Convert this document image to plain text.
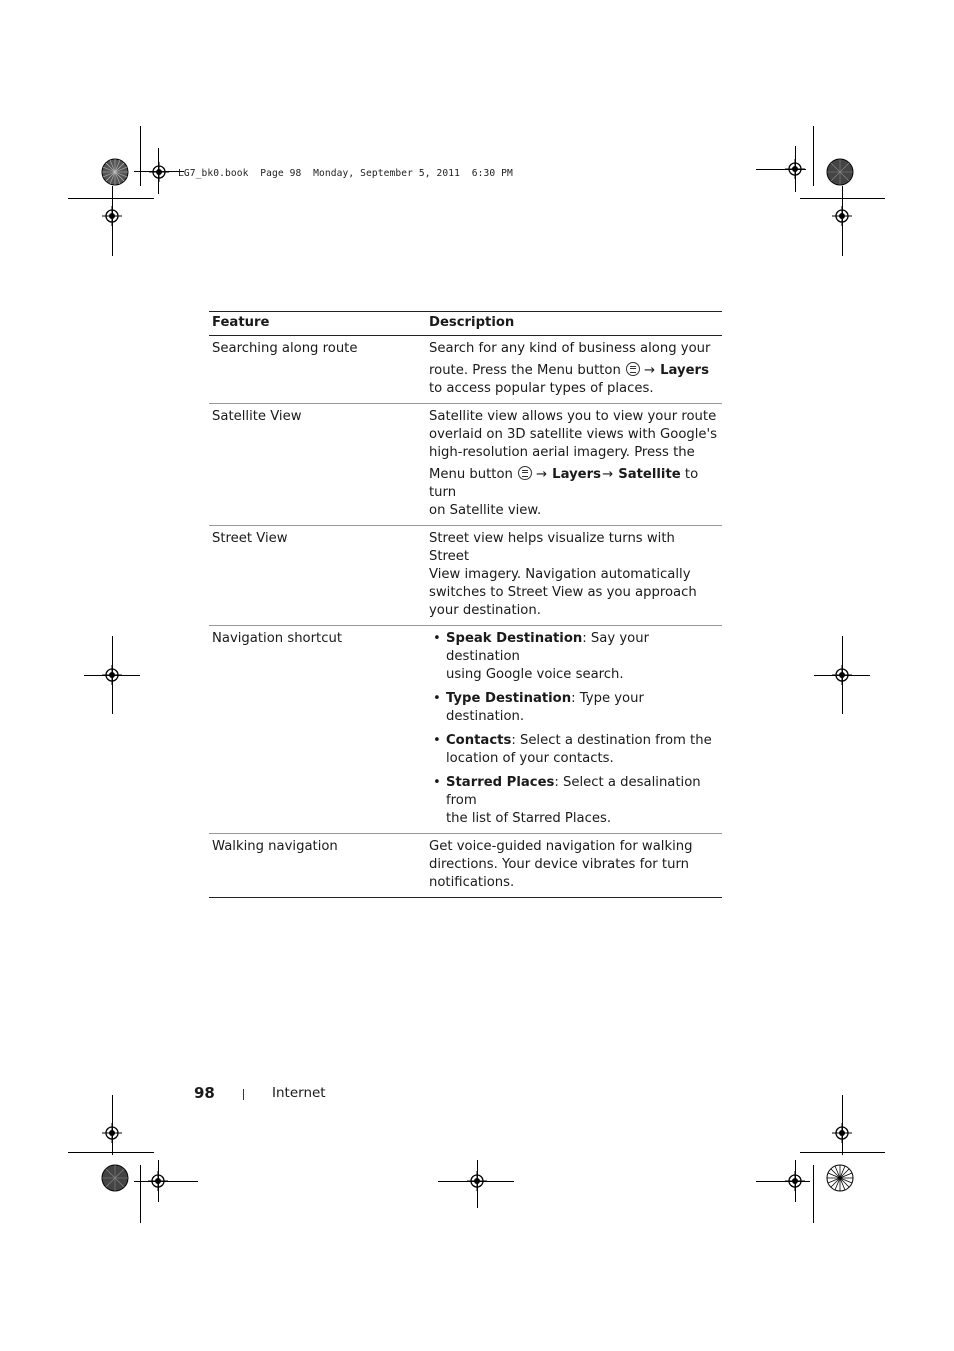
LG7_bk0.book  Page 98  Monday, September 5, 2011  6:30 PM
Feature	Description
Searching along route	Search for any kind of business along your
route. Press the Menu button → Layers
to access popular types of places.
Satellite View	Satellite view allows you to view your route
overlaid on 3D satellite views with Google's
high-resolution aerial imagery. Press the
Menu button → Layers→ Satellite to turn
on Satellite view.
Street View	Street view helps visualize turns with Street
View imagery. Navigation automatically
switches to Street View as you approach
your destination.
Navigation shortcut
•	Speak Destination: Say your destination
using Google voice search.
• Type Destination: Type your destination.
• Contacts: Select a destination from the
location of your contacts.
• Starred Places: Select a desalination from
the list of Starred Places.
Walking navigation	Get voice-guided navigation for walking
directions. Your device vibrates for turn
notifications.
98	Internet
